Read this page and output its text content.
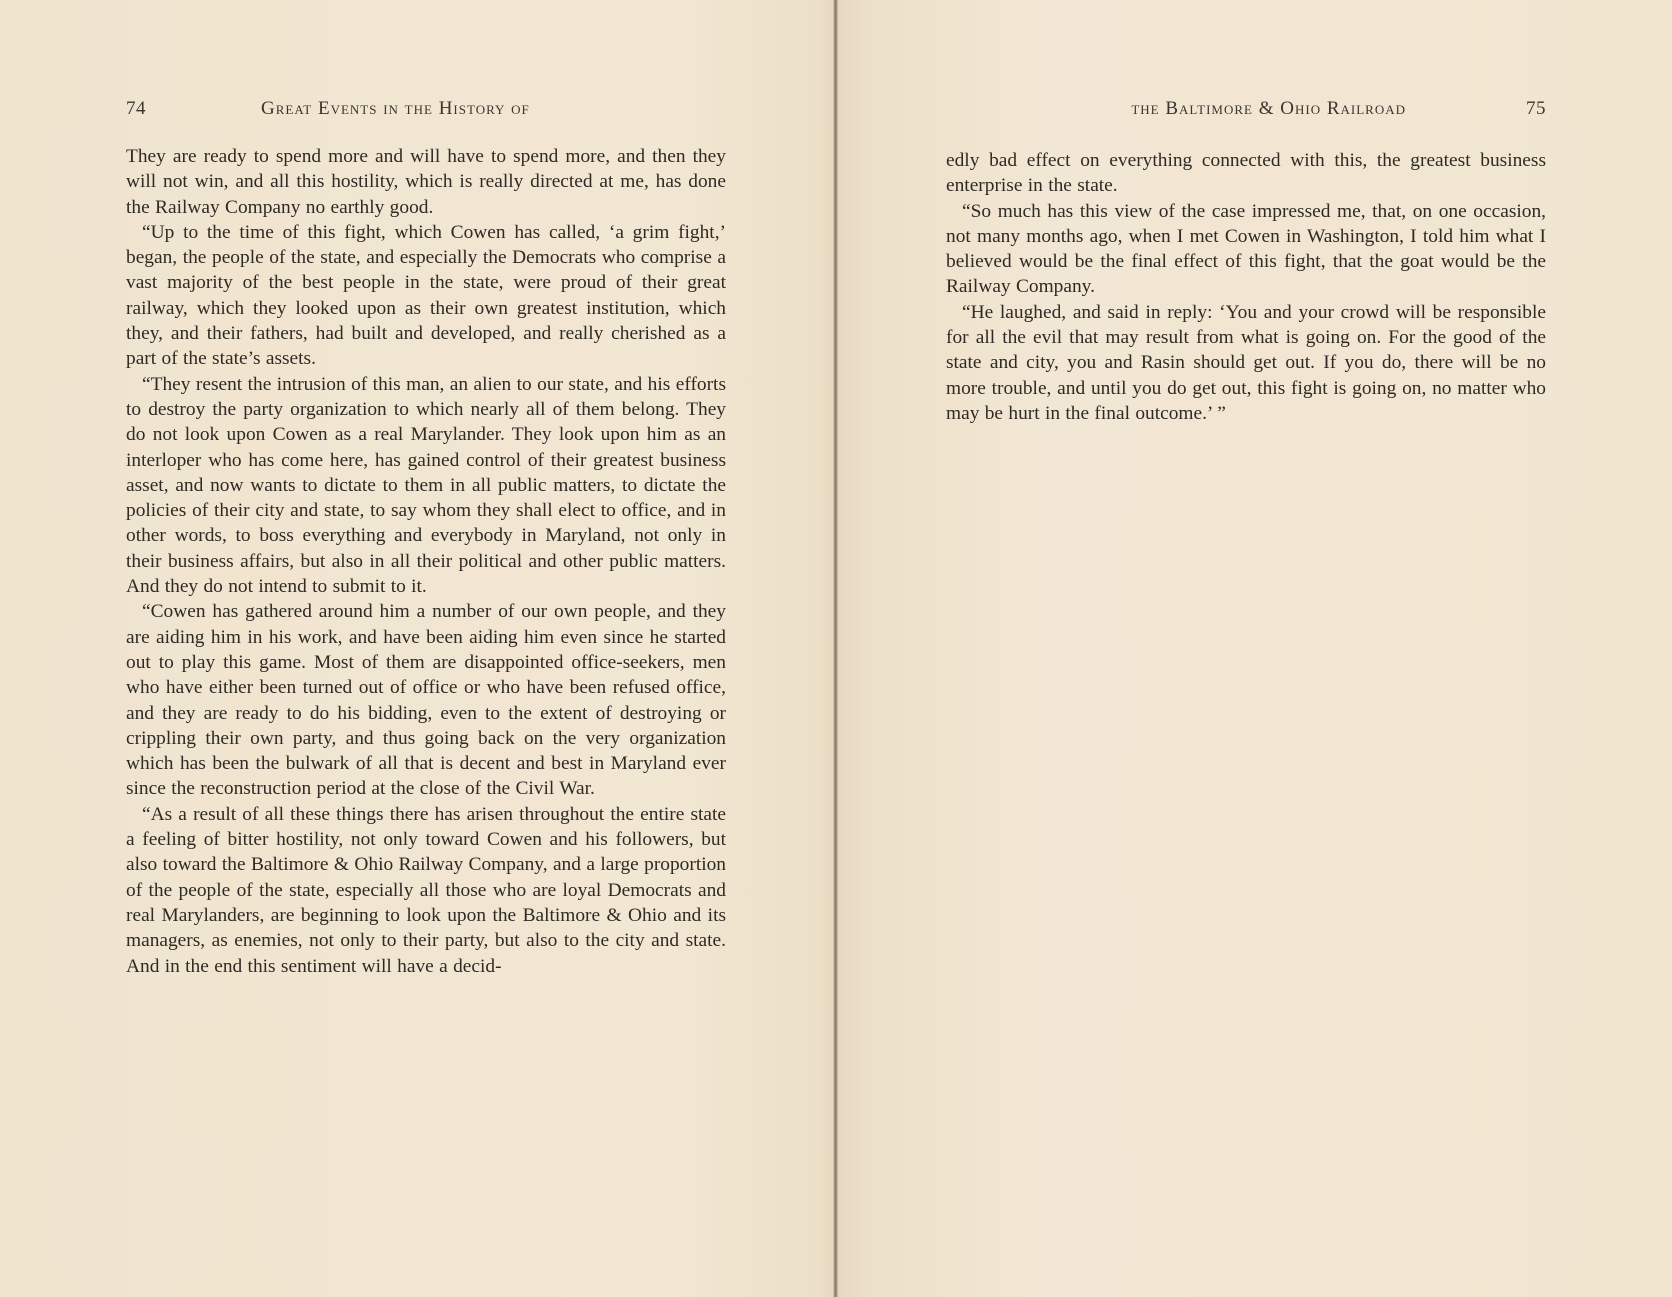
74	Great Events in the History of

They are ready to spend more and will have to spend more, and then they will not win, and all this hostility, which is really directed at me, has done the Railway Company no earthly good.

“Up to the time of this fight, which Cowen has called, ‘a grim fight,’ began, the people of the state, and especially the Democrats who comprise a vast majority of the best people in the state, were proud of their great railway, which they looked upon as their own greatest institution, which they, and their fathers, had built and developed, and really cherished as a part of the state’s assets.

“They resent the intrusion of this man, an alien to our state, and his efforts to destroy the party organization to which nearly all of them belong. They do not look upon Cowen as a real Marylander. They look upon him as an interloper who has come here, has gained control of their greatest business asset, and now wants to dictate to them in all public matters, to dictate the policies of their city and state, to say whom they shall elect to office, and in other words, to boss everything and everybody in Maryland, not only in their business affairs, but also in all their political and other public matters. And they do not intend to submit to it.

“Cowen has gathered around him a number of our own people, and they are aiding him in his work, and have been aiding him even since he started out to play this game. Most of them are disappointed office-seekers, men who have either been turned out of office or who have been refused office, and they are ready to do his bidding, even to the extent of destroying or crippling their own party, and thus going back on the very organization which has been the bulwark of all that is decent and best in Maryland ever since the reconstruction period at the close of the Civil War.

“As a result of all these things there has arisen throughout the entire state a feeling of bitter hostility, not only toward Cowen and his followers, but also toward the Baltimore & Ohio Railway Company, and a large proportion of the people of the state, especially all those who are loyal Democrats and real Marylanders, are beginning to look upon the Baltimore & Ohio and its managers, as enemies, not only to their party, but also to the city and state. And in the end this sentiment will have a decid-

the Baltimore & Ohio Railroad	75

edly bad effect on everything connected with this, the greatest business enterprise in the state.

“So much has this view of the case impressed me, that, on one occasion, not many months ago, when I met Cowen in Washington, I told him what I believed would be the final effect of this fight, that the goat would be the Railway Company.

“He laughed, and said in reply: ‘You and your crowd will be responsible for all the evil that may result from what is going on. For the good of the state and city, you and Rasin should get out. If you do, there will be no more trouble, and until you do get out, this fight is going on, no matter who may be hurt in the final outcome.’ ”
